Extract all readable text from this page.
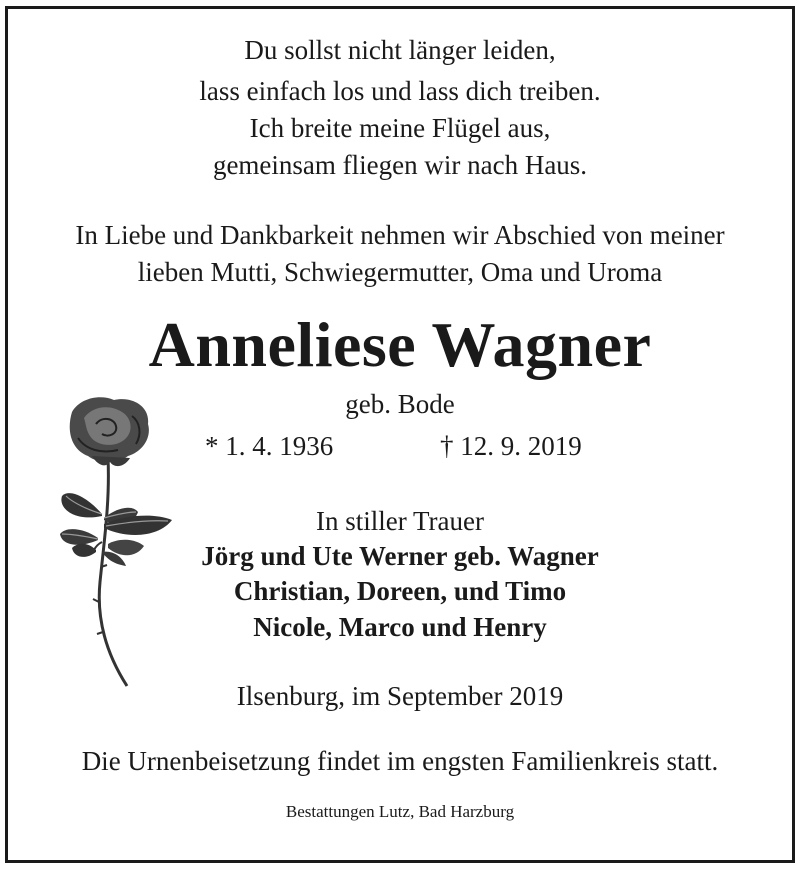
Du sollst nicht länger leiden,
lass einfach los und lass dich treiben.
Ich breite meine Flügel aus,
gemeinsam fliegen wir nach Haus.
In Liebe und Dankbarkeit nehmen wir Abschied von meiner
lieben Mutti, Schwiegermutter, Oma und Uroma
Anneliese Wagner
geb. Bode
* 1. 4. 1936	† 12. 9. 2019
In stiller Trauer
Jörg und Ute Werner geb. Wagner
Christian, Doreen, und Timo
Nicole, Marco und Henry
Ilsenburg, im September 2019
Die Urnenbeisetzung findet im engsten Familienkreis statt.
Bestattungen Lutz, Bad Harzburg
